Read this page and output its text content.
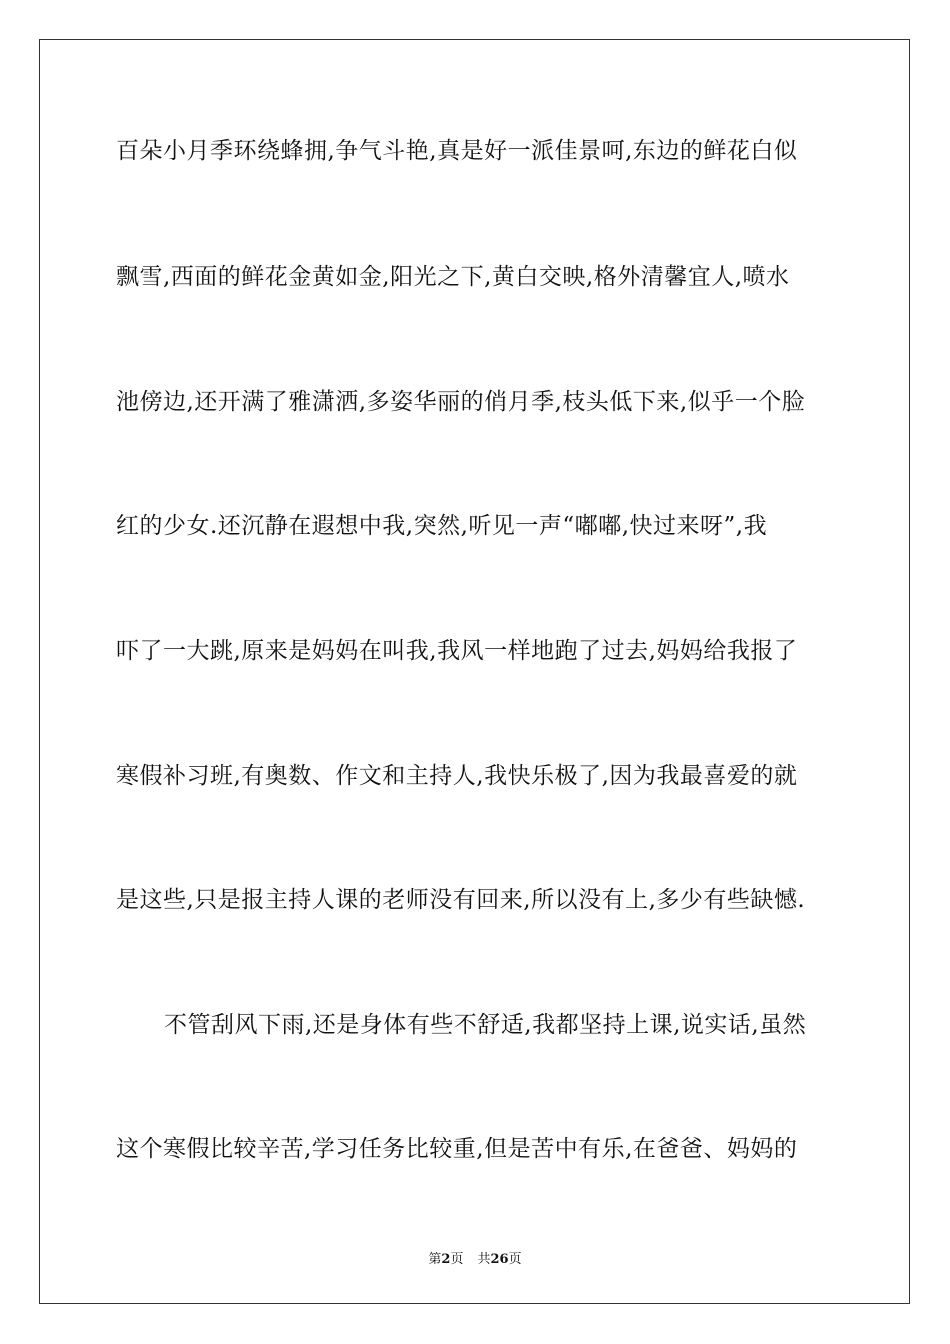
百朵小月季环绕蜂拥,争气斗艳,真是好一派佳景呵,东边的鲜花白似
飘雪,西面的鲜花金黄如金,阳光之下,黄白交映,格外清馨宜人,喷水
池傍边,还开满了雅潇洒,多姿华丽的俏月季,枝头低下来,似乎一个脸
红的少女.还沉静在遐想中我,突然,听见一声“嘟嘟,快过来呀”,我
吓了一大跳,原来是妈妈在叫我,我风一样地跑了过去,妈妈给我报了
寒假补习班,有奥数、作文和主持人,我快乐极了,因为我最喜爱的就
是这些,只是报主持人课的老师没有回来,所以没有上,多少有些缺憾.
不管刮风下雨,还是身体有些不舒适,我都坚持上课,说实话,虽然
这个寒假比较辛苦,学习任务比较重,但是苦中有乐,在爸爸、妈妈的
第2页 共26页
